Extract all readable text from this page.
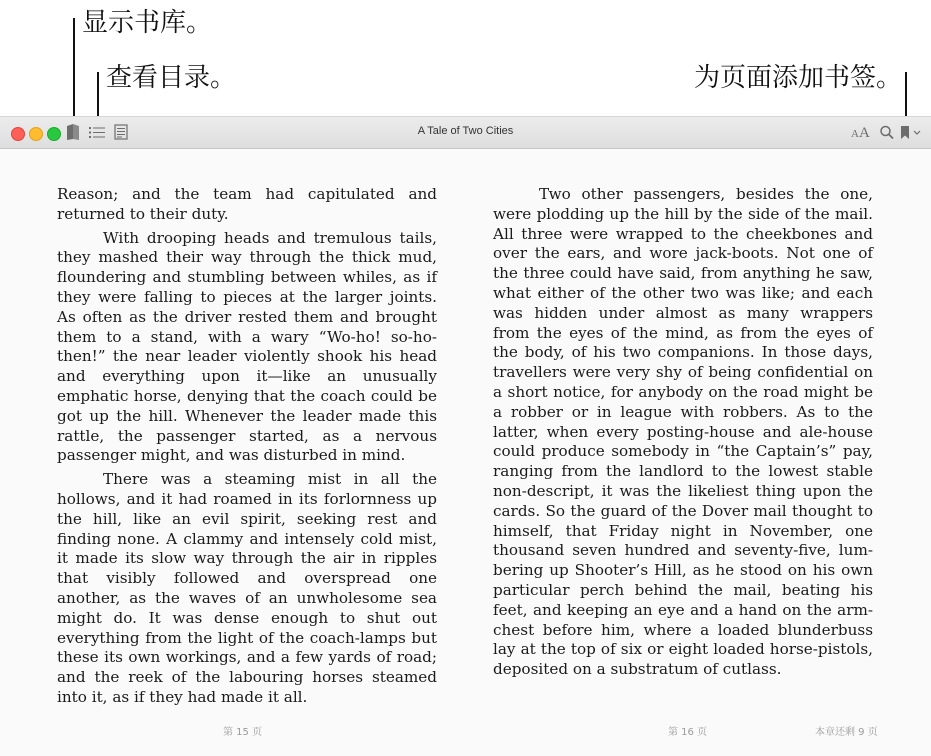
显示书库。
查看目录。	为页面添加书签。
A Tale of Two Cities	AA

Reason; and the team had capitulated and returned to their duty.

With drooping heads and tremulous tails, they mashed their way through the thick mud, floundering and stumbling between whiles, as if they were falling to pieces at the larger joints. As often as the driver rested them and brought them to a stand, with a wary “Wo-ho! so-ho-then!” the near leader violently shook his head and everything upon it—like an unusually emphatic horse, denying that the coach could be got up the hill. Whenever the leader made this rattle, the passenger started, as a nervous passenger might, and was disturbed in mind.

There was a steaming mist in all the hollows, and it had roamed in its forlornness up the hill, like an evil spirit, seeking rest and finding none. A clammy and intensely cold mist, it made its slow way through the air in ripples that visibly followed and overspread one another, as the waves of an unwholesome sea might do. It was dense enough to shut out everything from the light of the coach-lamps but these its own workings, and a few yards of road; and the reek of the labouring horses steamed into it, as if they had made it all.

Two other passengers, besides the one, were plodding up the hill by the side of the mail. All three were wrapped to the cheekbones and over the ears, and wore jack-boots. Not one of the three could have said, from anything he saw, what either of the other two was like; and each was hidden under almost as many wrappers from the eyes of the mind, as from the eyes of the body, of his two companions. In those days, travellers were very shy of being confidential on a short notice, for anybody on the road might be a robber or in league with robbers. As to the latter, when every posting-house and ale-house could produce somebody in “the Captain’s” pay, ranging from the landlord to the lowest stable non-descript, it was the likeliest thing upon the cards. So the guard of the Dover mail thought to himself, that Friday night in November, one thousand seven hundred and seventy-five, lumbering up Shooter’s Hill, as he stood on his own particular perch behind the mail, beating his feet, and keeping an eye and a hand on the arm-chest before him, where a loaded blunderbuss lay at the top of six or eight loaded horse-pistols, deposited on a substratum of cutlass.

第 15 页	第 16 页	本章还剩 9 页
